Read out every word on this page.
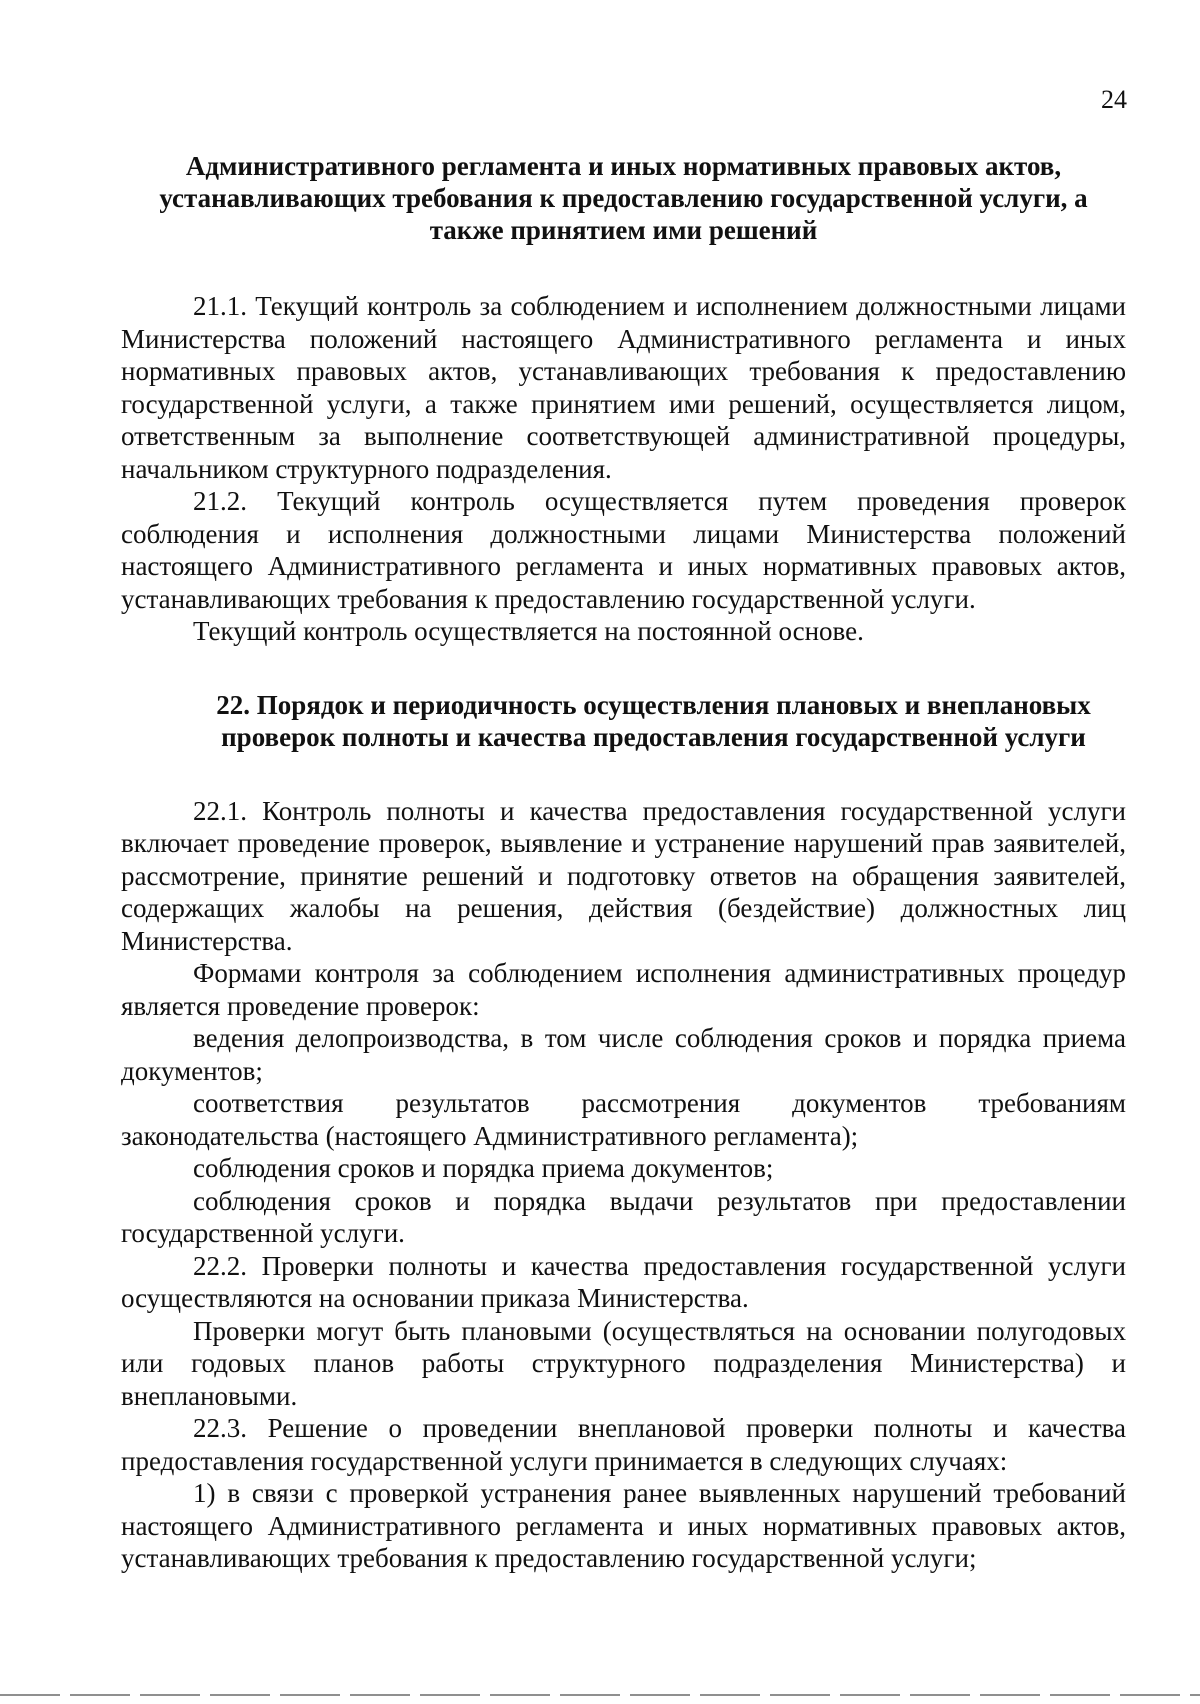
24

Административного регламента и иных нормативных правовых актов, устанавливающих требования к предоставлению государственной услуги, а также принятием ими решений

21.1. Текущий контроль за соблюдением и исполнением должностными лицами Министерства положений настоящего Административного регламента и иных нормативных правовых актов, устанавливающих требования к предоставлению государственной услуги, а также принятием ими решений, осуществляется лицом, ответственным за выполнение соответствующей административной процедуры, начальником структурного подразделения.

21.2. Текущий контроль осуществляется путем проведения проверок соблюдения и исполнения должностными лицами Министерства положений настоящего Административного регламента и иных нормативных правовых актов, устанавливающих требования к предоставлению государственной услуги.

Текущий контроль осуществляется на постоянной основе.

22. Порядок и периодичность осуществления плановых и внеплановых проверок полноты и качества предоставления государственной услуги

22.1. Контроль полноты и качества предоставления государственной услуги включает проведение проверок, выявление и устранение нарушений прав заявителей, рассмотрение, принятие решений и подготовку ответов на обращения заявителей, содержащих жалобы на решения, действия (бездействие) должностных лиц Министерства.

Формами контроля за соблюдением исполнения административных процедур является проведение проверок:

ведения делопроизводства, в том числе соблюдения сроков и порядка приема документов;

соответствия результатов рассмотрения документов требованиям законодательства (настоящего Административного регламента);

соблюдения сроков и порядка приема документов;

соблюдения сроков и порядка выдачи результатов при предоставлении государственной услуги.

22.2. Проверки полноты и качества предоставления государственной услуги осуществляются на основании приказа Министерства.

Проверки могут быть плановыми (осуществляться на основании полугодовых или годовых планов работы структурного подразделения Министерства) и внеплановыми.

22.3. Решение о проведении внеплановой проверки полноты и качества предоставления государственной услуги принимается в следующих случаях:

1) в связи с проверкой устранения ранее выявленных нарушений требований настоящего Административного регламента и иных нормативных правовых актов, устанавливающих требования к предоставлению государственной услуги;
